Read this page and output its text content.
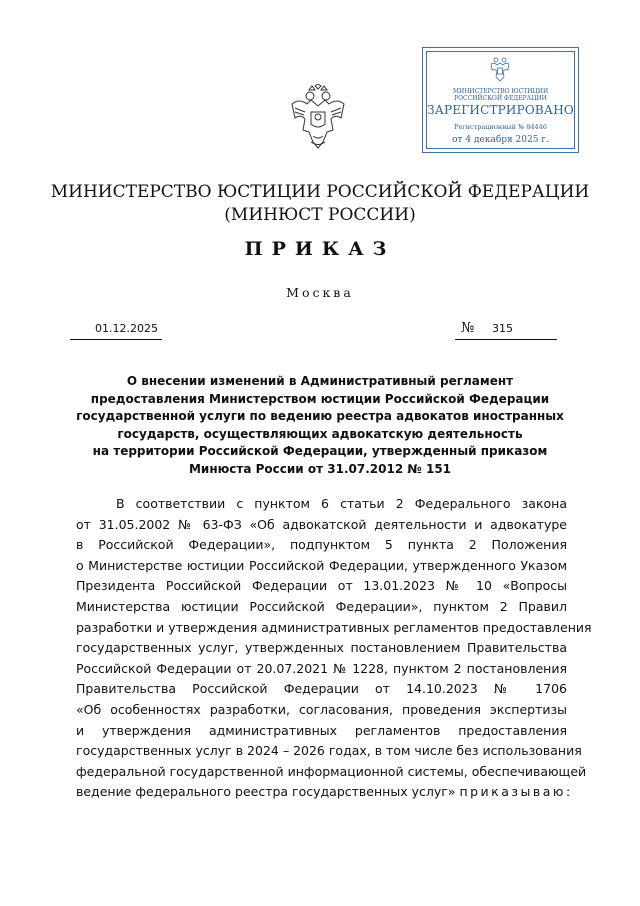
МИНИСТЕРСТВО ЮСТИЦИИ
РОССИЙСКОЙ ФЕДЕРАЦИИ
ЗАРЕГИСТРИРОВАНО
Регистрационный № 84446
от 4 декабря 2025 г.
МИНИСТЕРСТВО ЮСТИЦИИ РОССИЙСКОЙ ФЕДЕРАЦИИ
(МИНЮСТ РОССИИ)
ПРИКАЗ
Москва
01.12.2025	№ 315
О внесении изменений в Административный регламент
предоставления Министерством юстиции Российской Федерации
государственной услуги по ведению реестра адвокатов иностранных
государств, осуществляющих адвокатскую деятельность
на территории Российской Федерации, утвержденный приказом
Минюста России от 31.07.2012 № 151
В соответствии с пунктом 6 статьи 2 Федерального закона
от 31.05.2002 № 63-ФЗ «Об адвокатской деятельности и адвокатуре
в Российской Федерации», подпунктом 5 пункта 2 Положения
о Министерстве юстиции Российской Федерации, утвержденного Указом
Президента Российской Федерации от 13.01.2023 № 10 «Вопросы
Министерства юстиции Российской Федерации», пунктом 2 Правил
разработки и утверждения административных регламентов предоставления
государственных услуг, утвержденных постановлением Правительства
Российской Федерации от 20.07.2021 № 1228, пунктом 2 постановления
Правительства Российской Федерации от 14.10.2023 № 1706
«Об особенностях разработки, согласования, проведения экспертизы
и утверждения административных регламентов предоставления
государственных услуг в 2024 – 2026 годах, в том числе без использования
федеральной государственной информационной системы, обеспечивающей
ведение федерального реестра государственных услуг» приказываю:
